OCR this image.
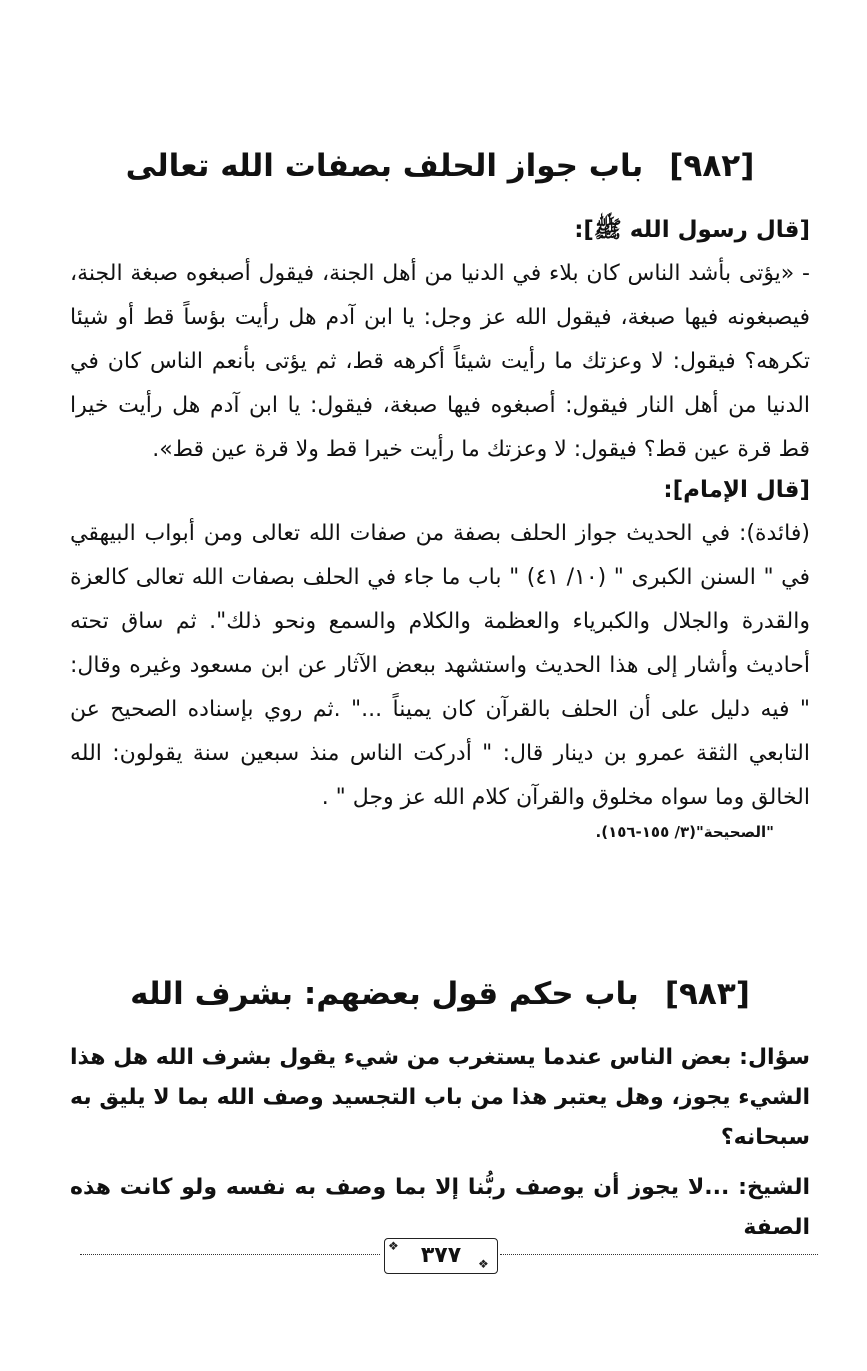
[٩٨٢]باب جواز الحلف بصفات الله تعالى
[قال رسول الله ﷺ]:

- «يؤتى بأشد الناس كان بلاء في الدنيا من أهل الجنة، فيقول أصبغوه صبغة الجنة، فيصبغونه فيها صبغة، فيقول الله عز وجل: يا ابن آدم هل رأيت بؤساً قط أو شيئا تكرهه؟ فيقول: لا وعزتك ما رأيت شيئاً أكرهه قط، ثم يؤتى بأنعم الناس كان في الدنيا من أهل النار فيقول: أصبغوه فيها صبغة، فيقول: يا ابن آدم هل رأيت خيرا قط قرة عين قط؟ فيقول: لا وعزتك ما رأيت خيرا قط ولا قرة عين قط».

[قال الإمام]:

(فائدة): في الحديث جواز الحلف بصفة من صفات الله تعالى ومن أبواب البيهقي في " السنن الكبرى " (١٠/ ٤١) " باب ما جاء في الحلف بصفات الله تعالى كالعزة والقدرة والجلال والكبرياء والعظمة والكلام والسمع ونحو ذلك". ثم ساق تحته أحاديث وأشار إلى هذا الحديث واستشهد ببعض الآثار عن ابن مسعود وغيره وقال: " فيه دليل على أن الحلف بالقرآن كان يميناً ..." .ثم روي بإسناده الصحيح عن التابعي الثقة عمرو بن دينار قال: " أدركت الناس منذ سبعين سنة يقولون: الله الخالق وما سواه مخلوق والقرآن كلام الله عز وجل " .

"الصحيحة"(٣/ ١٥٥-١٥٦).
[٩٨٣]باب حكم قول بعضهم: بشرف الله

سؤال: بعض الناس عندما يستغرب من شيء يقول بشرف الله هل هذا الشيء يجوز، وهل يعتبر هذا من باب التجسيد وصف الله بما لا يليق به سبحانه؟

الشيخ: ...لا يجوز أن يوصف ربُّنا إلا بما وصف به نفسه ولو كانت هذه الصفة

٣٧٧
❖
❖
